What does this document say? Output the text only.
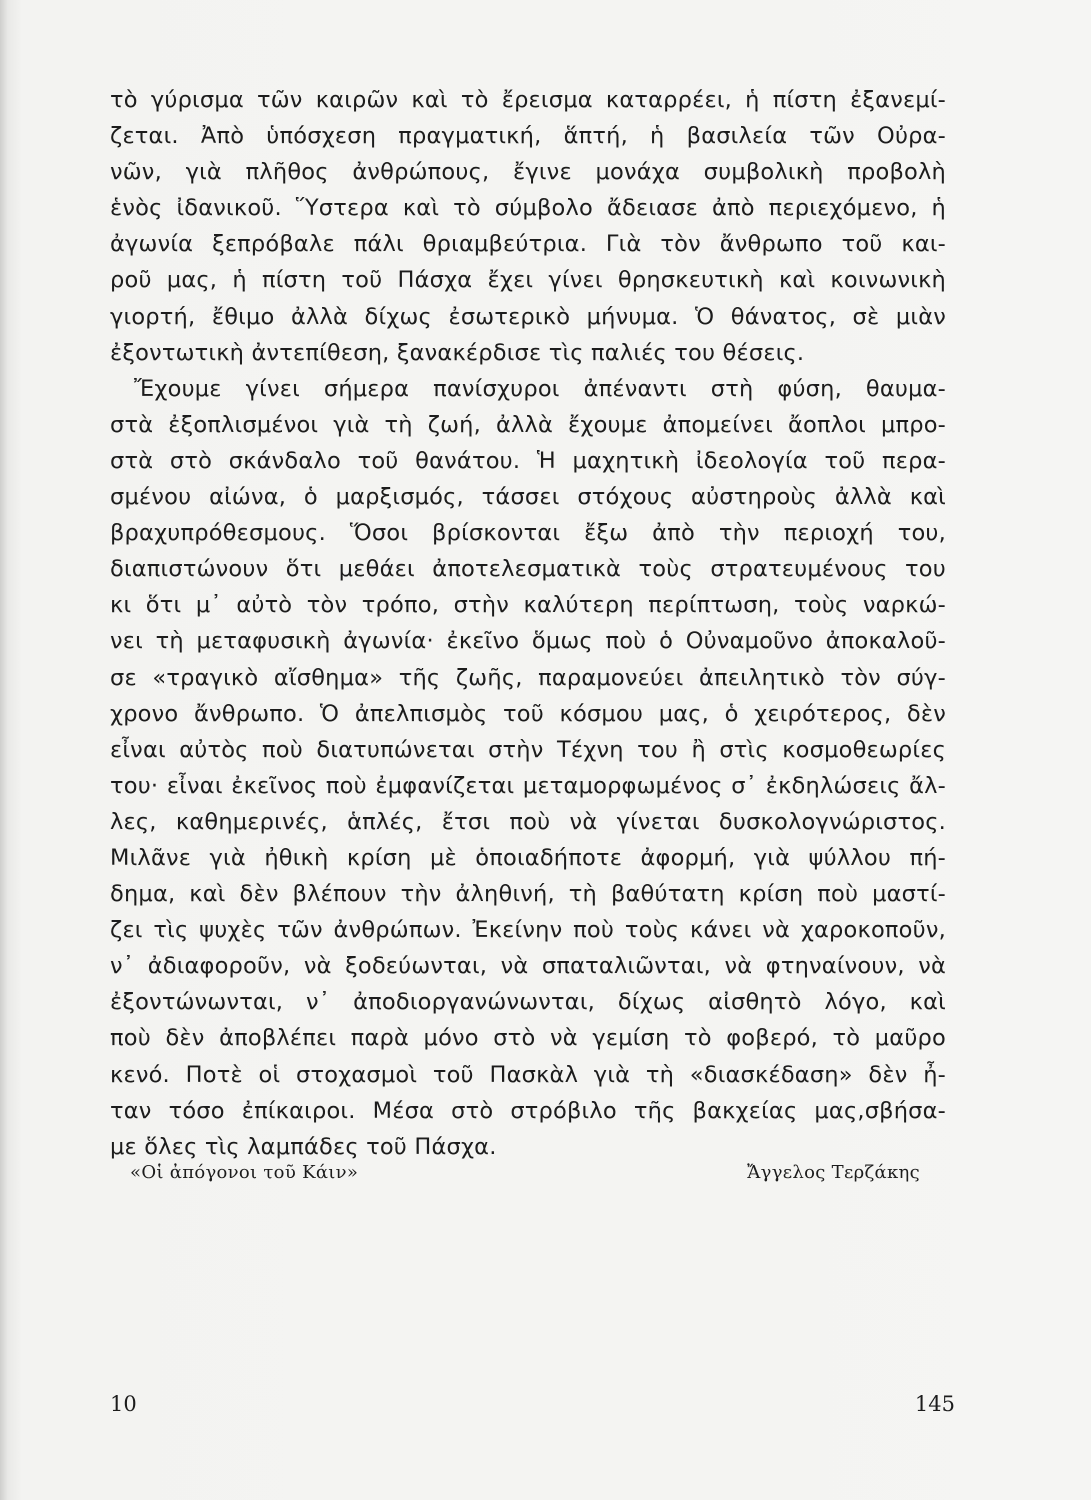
τὸ γύρισμα τῶν καιρῶν καὶ τὸ ἔρεισμα καταρρέει, ἡ πίστη ἐξανεμί-
ζεται. Ἀπὸ ὑπόσχεση πραγματική, ἅπτή, ἡ βασιλεία τῶν Οὐρα-
νῶν, γιὰ πλῆθος ἀνθρώπους, ἔγινε μονάχα συμβολικὴ προβολὴ
ἑνὸς ἰδανικοῦ. Ὕστερα καὶ τὸ σύμβολο ἄδειασε ἀπὸ περιεχόμενο, ἡ
ἀγωνία ξεπρόβαλε πάλι θριαμβεύτρια. Γιὰ τὸν ἄνθρωπο τοῦ και-
ροῦ μας, ἡ πίστη τοῦ Πάσχα ἔχει γίνει θρησκευτικὴ καὶ κοινωνικὴ
γιορτή, ἔθιμο ἀλλὰ δίχως ἐσωτερικὸ μήνυμα. Ὁ θάνατος, σὲ μιὰν
ἐξοντωτικὴ ἀντεπίθεση, ξανακέρδισε τὶς παλιές του θέσεις.
Ἔχουμε γίνει σήμερα πανίσχυροι ἀπέναντι στὴ φύση, θαυμα-
στὰ ἐξοπλισμένοι γιὰ τὴ ζωή, ἀλλὰ ἔχουμε ἀπομείνει ἄοπλοι μπρο-
στὰ στὸ σκάνδαλο τοῦ θανάτου. Ἡ μαχητικὴ ἰδεολογία τοῦ περα-
σμένου αἰώνα, ὁ μαρξισμός, τάσσει στόχους αὐστηροὺς ἀλλὰ καὶ
βραχυπρόθεσμους. Ὅσοι βρίσκονται ἔξω ἀπὸ τὴν περιοχή του,
διαπιστώνουν ὅτι μεθάει ἀποτελεσματικὰ τοὺς στρατευμένους του
κι ὅτι μ᾽ αὐτὸ τὸν τρόπο, στὴν καλύτερη περίπτωση, τοὺς ναρκώ-
νει τὴ μεταφυσικὴ ἀγωνία· ἐκεῖνο ὅμως ποὺ ὁ Οὐναμοῦνο ἀποκαλοῦ-
σε «τραγικὸ αἴσθημα» τῆς ζωῆς, παραμονεύει ἀπειλητικὸ τὸν σύγ-
χρονο ἄνθρωπο. Ὁ ἀπελπισμὸς τοῦ κόσμου μας, ὁ χειρότερος, δὲν
εἶναι αὐτὸς ποὺ διατυπώνεται στὴν Τέχνη του ἢ στὶς κοσμοθεωρίες
του· εἶναι ἐκεῖνος ποὺ ἐμφανίζεται μεταμορφωμένος σ᾽ ἐκδηλώσεις ἄλ-
λες, καθημερινές, ἁπλές, ἔτσι ποὺ νὰ γίνεται δυσκολογνώριστος.
Μιλᾶνε γιὰ ἠθικὴ κρίση μὲ ὁποιαδήποτε ἀφορμή, γιὰ ψύλλου πή-
δημα, καὶ δὲν βλέπουν τὴν ἀληθινή, τὴ βαθύτατη κρίση ποὺ μαστί-
ζει τὶς ψυχὲς τῶν ἀνθρώπων. Ἐκείνην ποὺ τοὺς κάνει νὰ χαροκοποῦν,
ν᾽ ἀδιαφοροῦν, νὰ ξοδεύωνται, νὰ σπαταλιῶνται, νὰ φτηναίνουν, νὰ
ἐξοντώνωνται, ν᾽ ἀποδιοργανώνωνται, δίχως αἰσθητὸ λόγο, καὶ
ποὺ δὲν ἀποβλέπει παρὰ μόνο στὸ νὰ γεμίση τὸ φοβερό, τὸ μαῦρο
κενό. Ποτὲ οἱ στοχασμοὶ τοῦ Πασκὰλ γιὰ τὴ «διασκέδαση» δὲν ἦ-
ταν τόσο ἐπίκαιροι. Μέσα στὸ στρόβιλο τῆς βακχείας μας,σβήσα-
με ὅλες τὶς λαμπάδες τοῦ Πάσχα.
«Οἱ ἀπόγονοι τοῦ Κάιν»	Ἄγγελος Τερζάκης
10	145
